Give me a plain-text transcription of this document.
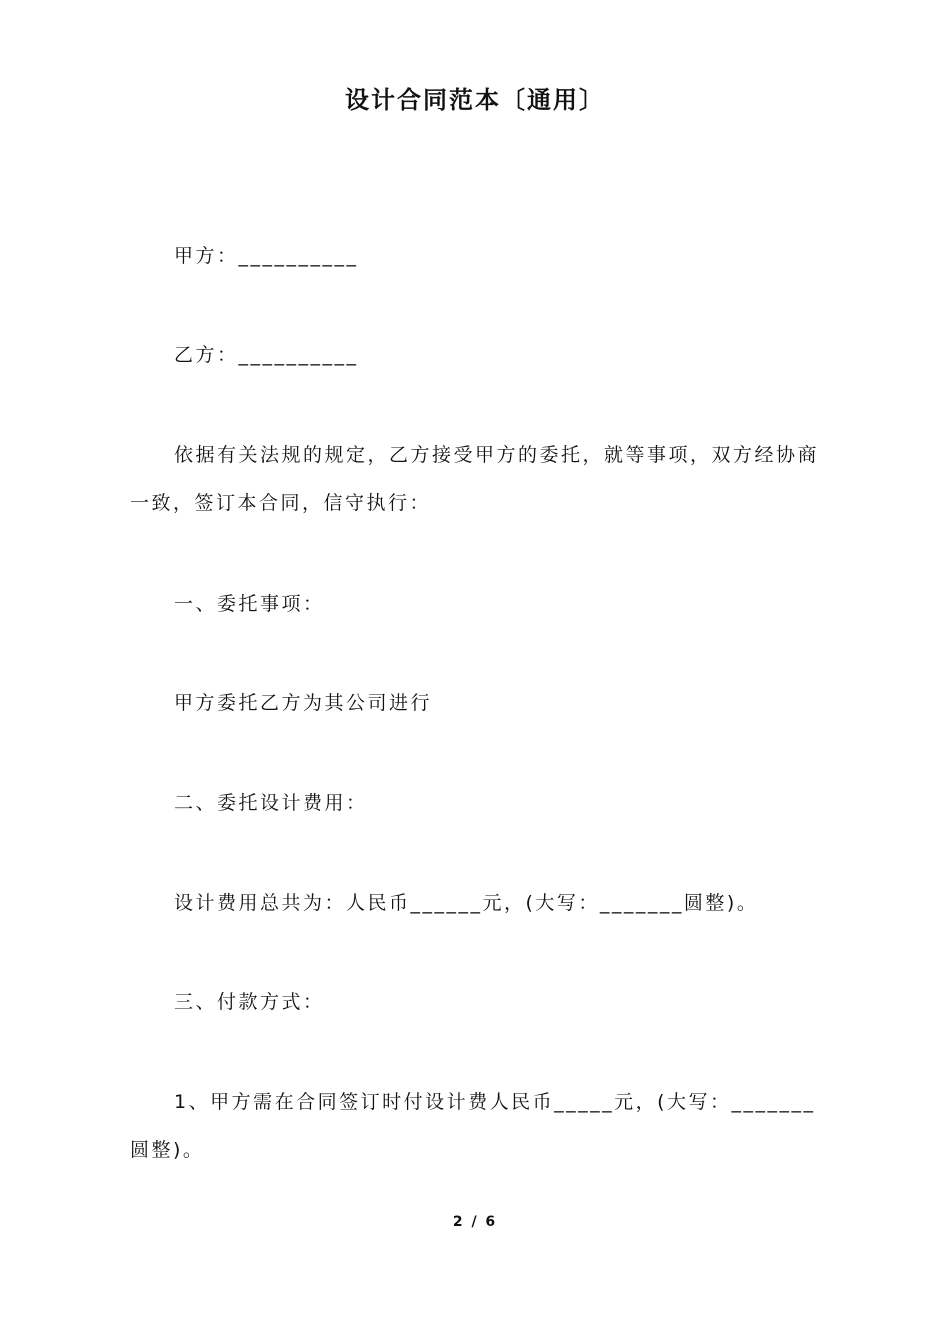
设计合同范本〔通用〕
甲方：__________
乙方：__________
依据有关法规的规定，乙方接受甲方的委托，就等事项，双方经协商一致，签订本合同，信守执行：
一、委托事项：
甲方委托乙方为其公司进行
二、委托设计费用：
设计费用总共为：人民币______元，(大写：_______圆整)。
三、付款方式：
1、甲方需在合同签订时付设计费人民币_____元，(大写：_______圆整)。
2 / 6
